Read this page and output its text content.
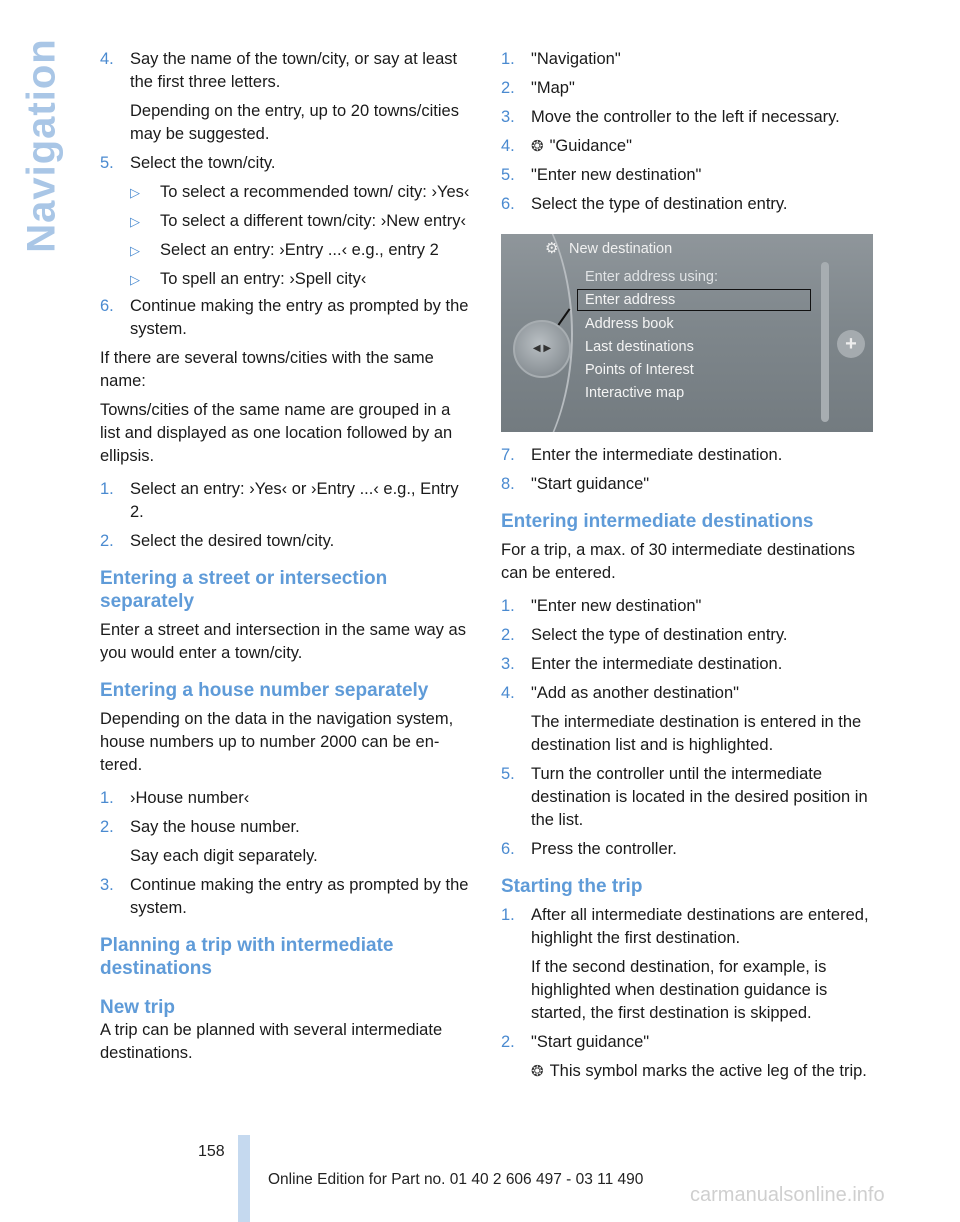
Navigation 4. Say the name of the town/city, or say at least the first three letters.

Depending on the entry, up to 20 towns/cities may be suggested.

5. Select the town/city.

▷	To select a recommended town/ city: ›Yes‹
▷	To select a different town/city: ›New entry‹
▷	Select an entry: ›Entry ...‹ e.g., entry 2
▷	To spell an entry: ›Spell city‹
6. Continue making the entry as prompted by the system.

If there are several towns/cities with the same name:

Towns/cities of the same name are grouped in a list and displayed as one location followed by an ellipsis.

1. Select an entry: ›Yes‹ or ›Entry ...‹ e.g., Entry 2.

2. Select the desired town/city.

Entering a street or intersection separately

Enter a street and intersection in the same way as you would enter a town/city.

Entering a house number separately

Depending on the data in the navigation system, house numbers up to number 2000 can be entered.

1. ›House number‹

2. Say the house number.

Say each digit separately.

3. Continue making the entry as prompted by the system.

Planning a trip with intermediate destinations
New trip

A trip can be planned with several intermediate destinations.

1. "Navigation"
2. "Map"
3. Move the controller to the left if necessary.
4.	❂ "Guidance"
5. "Enter new destination"
6. Select the type of destination entry.
⚙ New destination
Enter address using:
Enter address
Address book
Last destinations
Points of Interest
Interactive map
◀ ▶	+
7. Enter the intermediate destination.
8. "Start guidance"
Entering intermediate destinations

For a trip, a max. of 30 intermediate destinations can be entered.

1. "Enter new destination"

2. Select the type of destination entry.

3. Enter the intermediate destination.

4. "Add as another destination"

The intermediate destination is entered in the destination list and is highlighted.

5. Turn the controller until the intermediate destination is located in the desired position in the list.

6. Press the controller.

Starting the trip
1. After all intermediate destinations are entered, highlight the first destination.

If the second destination, for example, is highlighted when destination guidance is started, the first destination is skipped.

2. "Start guidance"

❂ This symbol marks the active leg of the trip.
158
Online Edition for Part no. 01 40 2 606 497 - 03 11 490
carmanualsonline.info
